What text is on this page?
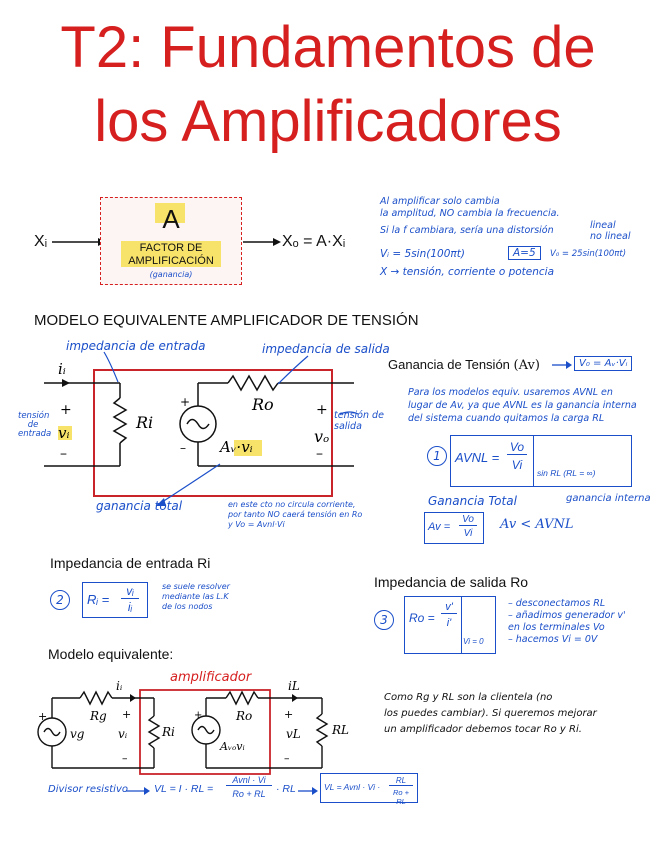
T2: Fundamentos de
los Amplificadores
Xᵢ
A
FACTOR DE
AMPLIFICACIÓN
(ganancia)
Xₒ = A·Xᵢ
Al amplificar solo cambia
la amplitud, NO cambia la frecuencia.
Si la f cambiara, sería una distorsión	lineal
no lineal
Vᵢ = 5sin(100πt)	A=5	V₀ = 25sin(100πt)
X → tensión, corriente o potencia
MODELO EQUIVALENTE AMPLIFICADOR DE TENSIÓN
+
–
+
–
+
–
iᵢ
Ri
Ro
Aᵥ·vᵢ
vᵢ	vₒ
impedancia de entrada	impedancia de salida
tensión
de
entrada
tensión de
salida
ganancia total	en este cto no circula corriente,
por tanto NO caerá tensión en Ro
y Vo = Avnl·Vi
Ganancia de Tensión (Av)	V₀ = Aᵥ·Vᵢ
Para los modelos equiv. usaremos AVNL en
lugar de Av, ya que AVNL es la ganancia interna
del sistema cuando quitamos la carga RL
1	AVNL =
Vo
Vi
sin RL (RL = ∞)
Ganancia Total	ganancia interna
Av =
Vo
Vi
Av < AVNL
Impedancia de entrada Ri
2	Rᵢ =
vᵢ
iᵢ
se suele resolver
mediante las L.K
de los nodos
Impedancia de salida Ro
3	Ro =
v'
i'
Vi = 0
– desconectamos RL
– añadimos generador v'
en los terminales Vo
– hacemos Vi = 0V
Modelo equivalente:
+	+
–
+	+
–
Rg
vg	vᵢ	Ri
Ro
Aᵥₒvᵢ
vL	RL
iᵢ	iL
amplificador
Como Rg y RL son la clientela (no
los puedes cambiar). Si queremos mejorar
un amplificador debemos tocar Ro y Ri.
Divisor resistivo VL = I · RL =
Avnl · Vi
Ro + RL · RL	VL = Avnl · Vi ·
RL
Ro + RL
